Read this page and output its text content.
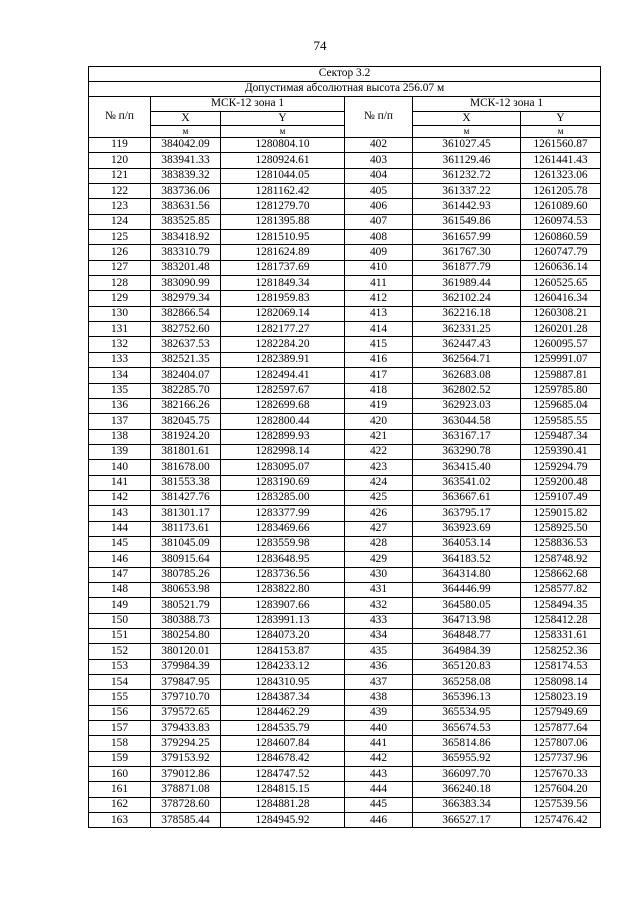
74
Сектор 3.2					
Допустимая абсолютная высота 256.07 м					
№ п/п	МСК-12 зона 1		№ п/п	МСК-12 зона 1	
	X	Y		X	Y
	м	м		м	м
119	384042.09	1280804.10	402	361027.45	1261560.87
120	383941.33	1280924.61	403	361129.46	1261441.43
121	383839.32	1281044.05	404	361232.72	1261323.06
122	383736.06	1281162.42	405	361337.22	1261205.78
123	383631.56	1281279.70	406	361442.93	1261089.60
124	383525.85	1281395.88	407	361549.86	1260974.53
125	383418.92	1281510.95	408	361657.99	1260860.59
126	383310.79	1281624.89	409	361767.30	1260747.79
127	383201.48	1281737.69	410	361877.79	1260636.14
128	383090.99	1281849.34	411	361989.44	1260525.65
129	382979.34	1281959.83	412	362102.24	1260416.34
130	382866.54	1282069.14	413	362216.18	1260308.21
131	382752.60	1282177.27	414	362331.25	1260201.28
132	382637.53	1282284.20	415	362447.43	1260095.57
133	382521.35	1282389.91	416	362564.71	1259991.07
134	382404.07	1282494.41	417	362683.08	1259887.81
135	382285.70	1282597.67	418	362802.52	1259785.80
136	382166.26	1282699.68	419	362923.03	1259685.04
137	382045.75	1282800.44	420	363044.58	1259585.55
138	381924.20	1282899.93	421	363167.17	1259487.34
139	381801.61	1282998.14	422	363290.78	1259390.41
140	381678.00	1283095.07	423	363415.40	1259294.79
141	381553.38	1283190.69	424	363541.02	1259200.48
142	381427.76	1283285.00	425	363667.61	1259107.49
143	381301.17	1283377.99	426	363795.17	1259015.82
144	381173.61	1283469.66	427	363923.69	1258925.50
145	381045.09	1283559.98	428	364053.14	1258836.53
146	380915.64	1283648.95	429	364183.52	1258748.92
147	380785.26	1283736.56	430	364314.80	1258662.68
148	380653.98	1283822.80	431	364446.99	1258577.82
149	380521.79	1283907.66	432	364580.05	1258494.35
150	380388.73	1283991.13	433	364713.98	1258412.28
151	380254.80	1284073.20	434	364848.77	1258331.61
152	380120.01	1284153.87	435	364984.39	1258252.36
153	379984.39	1284233.12	436	365120.83	1258174.53
154	379847.95	1284310.95	437	365258.08	1258098.14
155	379710.70	1284387.34	438	365396.13	1258023.19
156	379572.65	1284462.29	439	365534.95	1257949.69
157	379433.83	1284535.79	440	365674.53	1257877.64
158	379294.25	1284607.84	441	365814.86	1257807.06
159	379153.92	1284678.42	442	365955.92	1257737.96
160	379012.86	1284747.52	443	366097.70	1257670.33
161	378871.08	1284815.15	444	366240.18	1257604.20
162	378728.60	1284881.28	445	366383.34	1257539.56
163	378585.44	1284945.92	446	366527.17	1257476.42
